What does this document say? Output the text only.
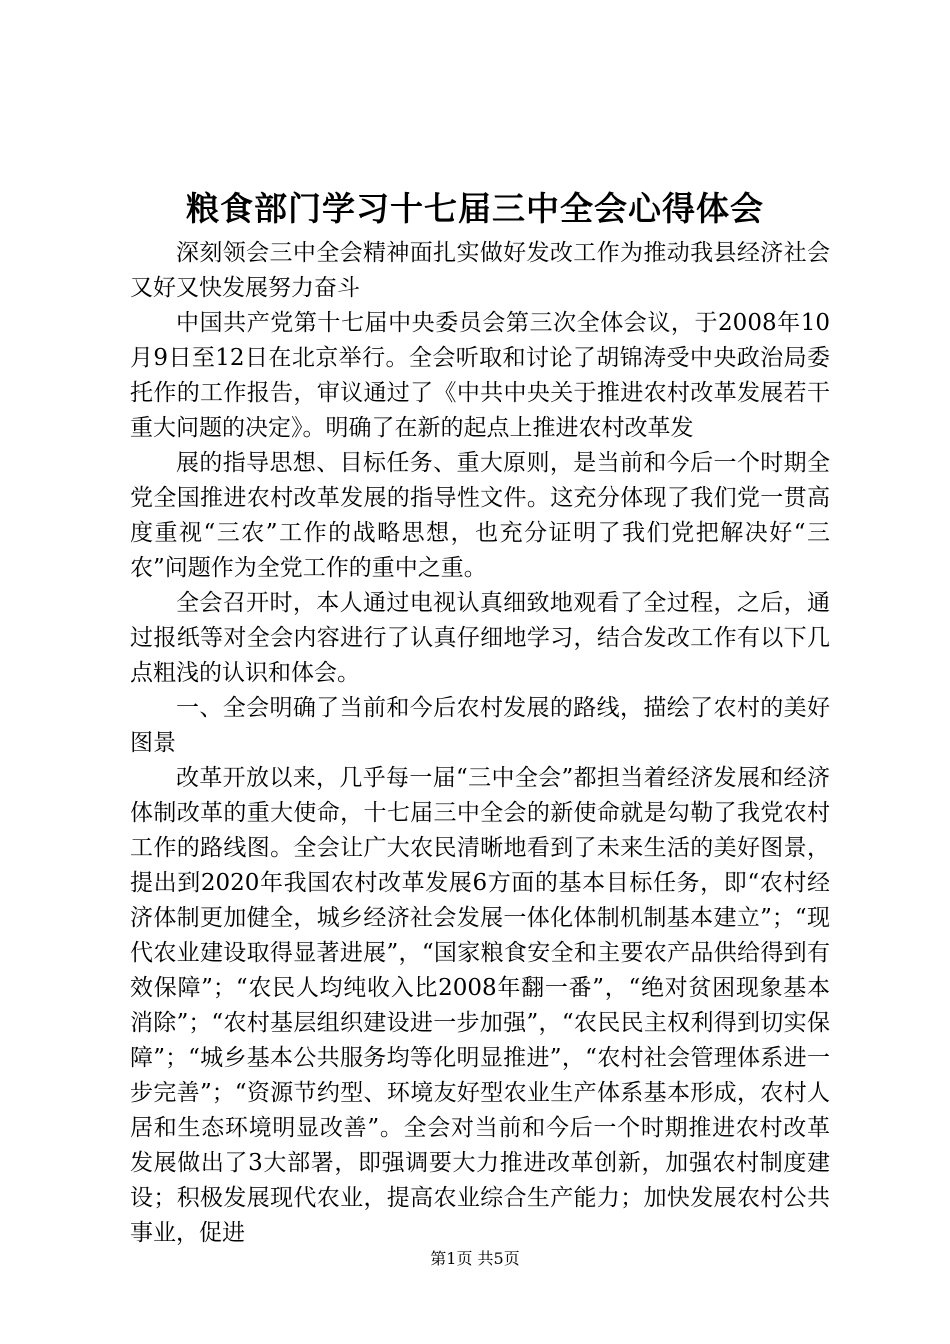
粮食部门学习十七届三中全会心得体会

深刻领会三中全会精神面扎实做好发改工作为推动我县经济社会又好又快发展努力奋斗

中国共产党第十七届中央委员会第三次全体会议，于2008年10月9日至12日在北京举行。全会听取和讨论了胡锦涛受中央政治局委托作的工作报告，审议通过了《中共中央关于推进农村改革发展若干重大问题的决定》。明确了在新的起点上推进农村改革发

展的指导思想、目标任务、重大原则，是当前和今后一个时期全党全国推进农村改革发展的指导性文件。这充分体现了我们党一贯高度重视“三农”工作的战略思想，也充分证明了我们党把解决好“三农”问题作为全党工作的重中之重。

全会召开时，本人通过电视认真细致地观看了全过程，之后，通过报纸等对全会内容进行了认真仔细地学习，结合发改工作有以下几点粗浅的认识和体会。

一、全会明确了当前和今后农村发展的路线，描绘了农村的美好图景

改革开放以来，几乎每一届“三中全会”都担当着经济发展和经济体制改革的重大使命，十七届三中全会的新使命就是勾勒了我党农村工作的路线图。全会让广大农民清晰地看到了未来生活的美好图景，提出到2020年我国农村改革发展6方面的基本目标任务，即“农村经济体制更加健全，城乡经济社会发展一体化体制机制基本建立”；“现代农业建设取得显著进展”，“国家粮食安全和主要农产品供给得到有效保障”；“农民人均纯收入比2008年翻一番”，“绝对贫困现象基本消除”；“农村基层组织建设进一步加强”，“农民民主权利得到切实保障”；“城乡基本公共服务均等化明显推进”，“农村社会管理体系进一步完善”；“资源节约型、环境友好型农业生产体系基本形成，农村人居和生态环境明显改善”。全会对当前和今后一个时期推进农村改革发展做出了3大部署，即强调要大力推进改革创新，加强农村制度建设；积极发展现代农业，提高农业综合生产能力；加快发展农村公共事业，促进

第1页 共5页
